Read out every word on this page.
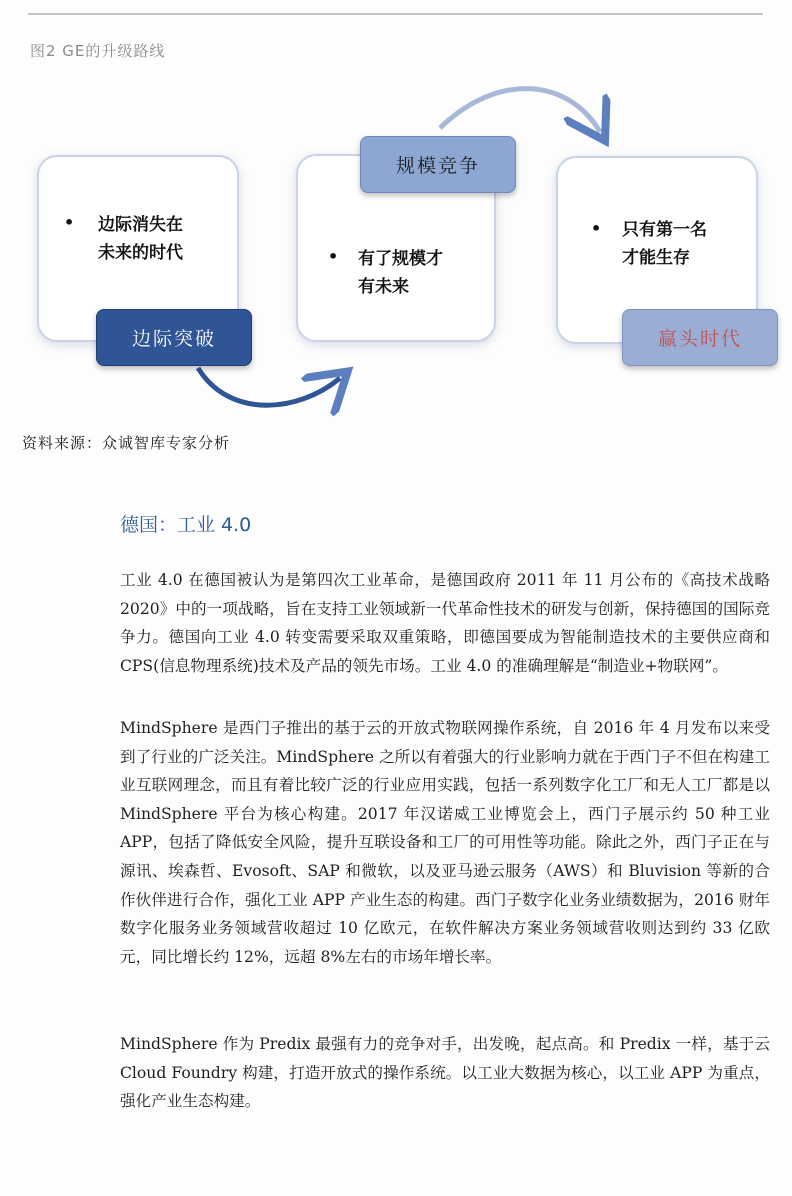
图2 GE的升级路线
• 边际消失在
未来的时代
边际突破
规模竞争
• 有了规模才
有未来
• 只有第一名
才能生存
赢头时代
资料来源：众诚智库专家分析
德国：工业 4.0
工业 4.0 在德国被认为是第四次工业革命，是德国政府 2011 年 11 月公布的《高技术战略 2020》中的一项战略，旨在支持工业领域新一代革命性技术的研发与创新，保持德国的国际竞争力。德国向工业 4.0 转变需要采取双重策略，即德国要成为智能制造技术的主要供应商和 CPS(信息物理系统)技术及产品的领先市场。工业 4.0 的准确理解是“制造业+物联网”。
MindSphere 是西门子推出的基于云的开放式物联网操作系统，自 2016 年 4 月发布以来受到了行业的广泛关注。MindSphere 之所以有着强大的行业影响力就在于西门子不但在构建工业互联网理念，而且有着比较广泛的行业应用实践，包括一系列数字化工厂和无人工厂都是以 MindSphere 平台为核心构建。2017 年汉诺威工业博览会上，西门子展示约 50 种工业 APP，包括了降低安全风险，提升互联设备和工厂的可用性等功能。除此之外，西门子正在与源讯、埃森哲、Evosoft、SAP 和微软，以及亚马逊云服务（AWS）和 Bluvision 等新的合作伙伴进行合作，强化工业 APP 产业生态的构建。西门子数字化业务业绩数据为，2016 财年数字化服务业务领域营收超过 10 亿欧元，在软件解决方案业务领域营收则达到约 33 亿欧元，同比增长约 12%，远超 8%左右的市场年增长率。
MindSphere 作为 Predix 最强有力的竞争对手，出发晚，起点高。和 Predix 一样，基于云 Cloud Foundry 构建，打造开放式的操作系统。以工业大数据为核心，以工业 APP 为重点，强化产业生态构建。
